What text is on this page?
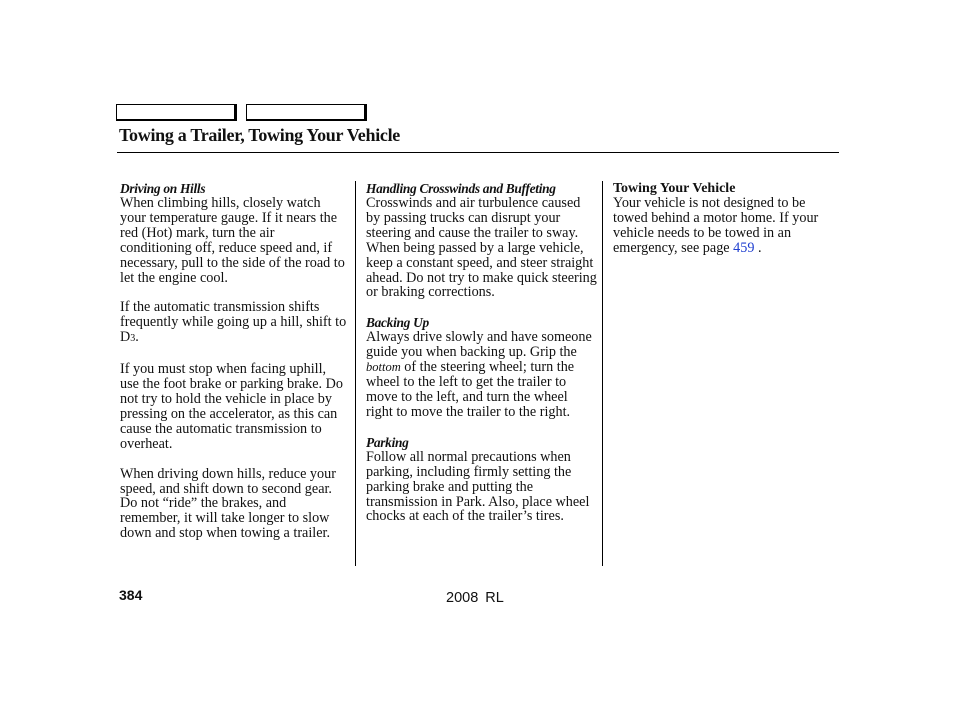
Towing a Trailer, Towing Your Vehicle
Driving on Hills

When climbing hills, closely watch your temperature gauge. If it nears the red (Hot) mark, turn the air conditioning off, reduce speed and, if necessary, pull to the side of the road to let the engine cool.

If the automatic transmission shifts frequently while going up a hill, shift to D3.

If you must stop when facing uphill, use the foot brake or parking brake. Do not try to hold the vehicle in place by pressing on the accelerator, as this can cause the automatic transmission to overheat.

When driving down hills, reduce your speed, and shift down to second gear. Do not “ride” the brakes, and remember, it will take longer to slow down and stop when towing a trailer.

Handling Crosswinds and Buffeting

Crosswinds and air turbulence caused by passing trucks can disrupt your steering and cause the trailer to sway. When being passed by a large vehicle, keep a constant speed, and steer straight ahead. Do not try to make quick steering or braking corrections.

Backing Up

Always drive slowly and have someone guide you when backing up. Grip the bottom of the steering wheel; turn the wheel to the left to get the trailer to move to the left, and turn the wheel right to move the trailer to the right.

Parking

Follow all normal precautions when parking, including firmly setting the parking brake and putting the transmission in Park. Also, place wheel chocks at each of the trailer’s tires.

Towing Your Vehicle

Your vehicle is not designed to be towed behind a motor home. If your vehicle needs to be towed in an emergency, see page 459 .

384	2008 RL
